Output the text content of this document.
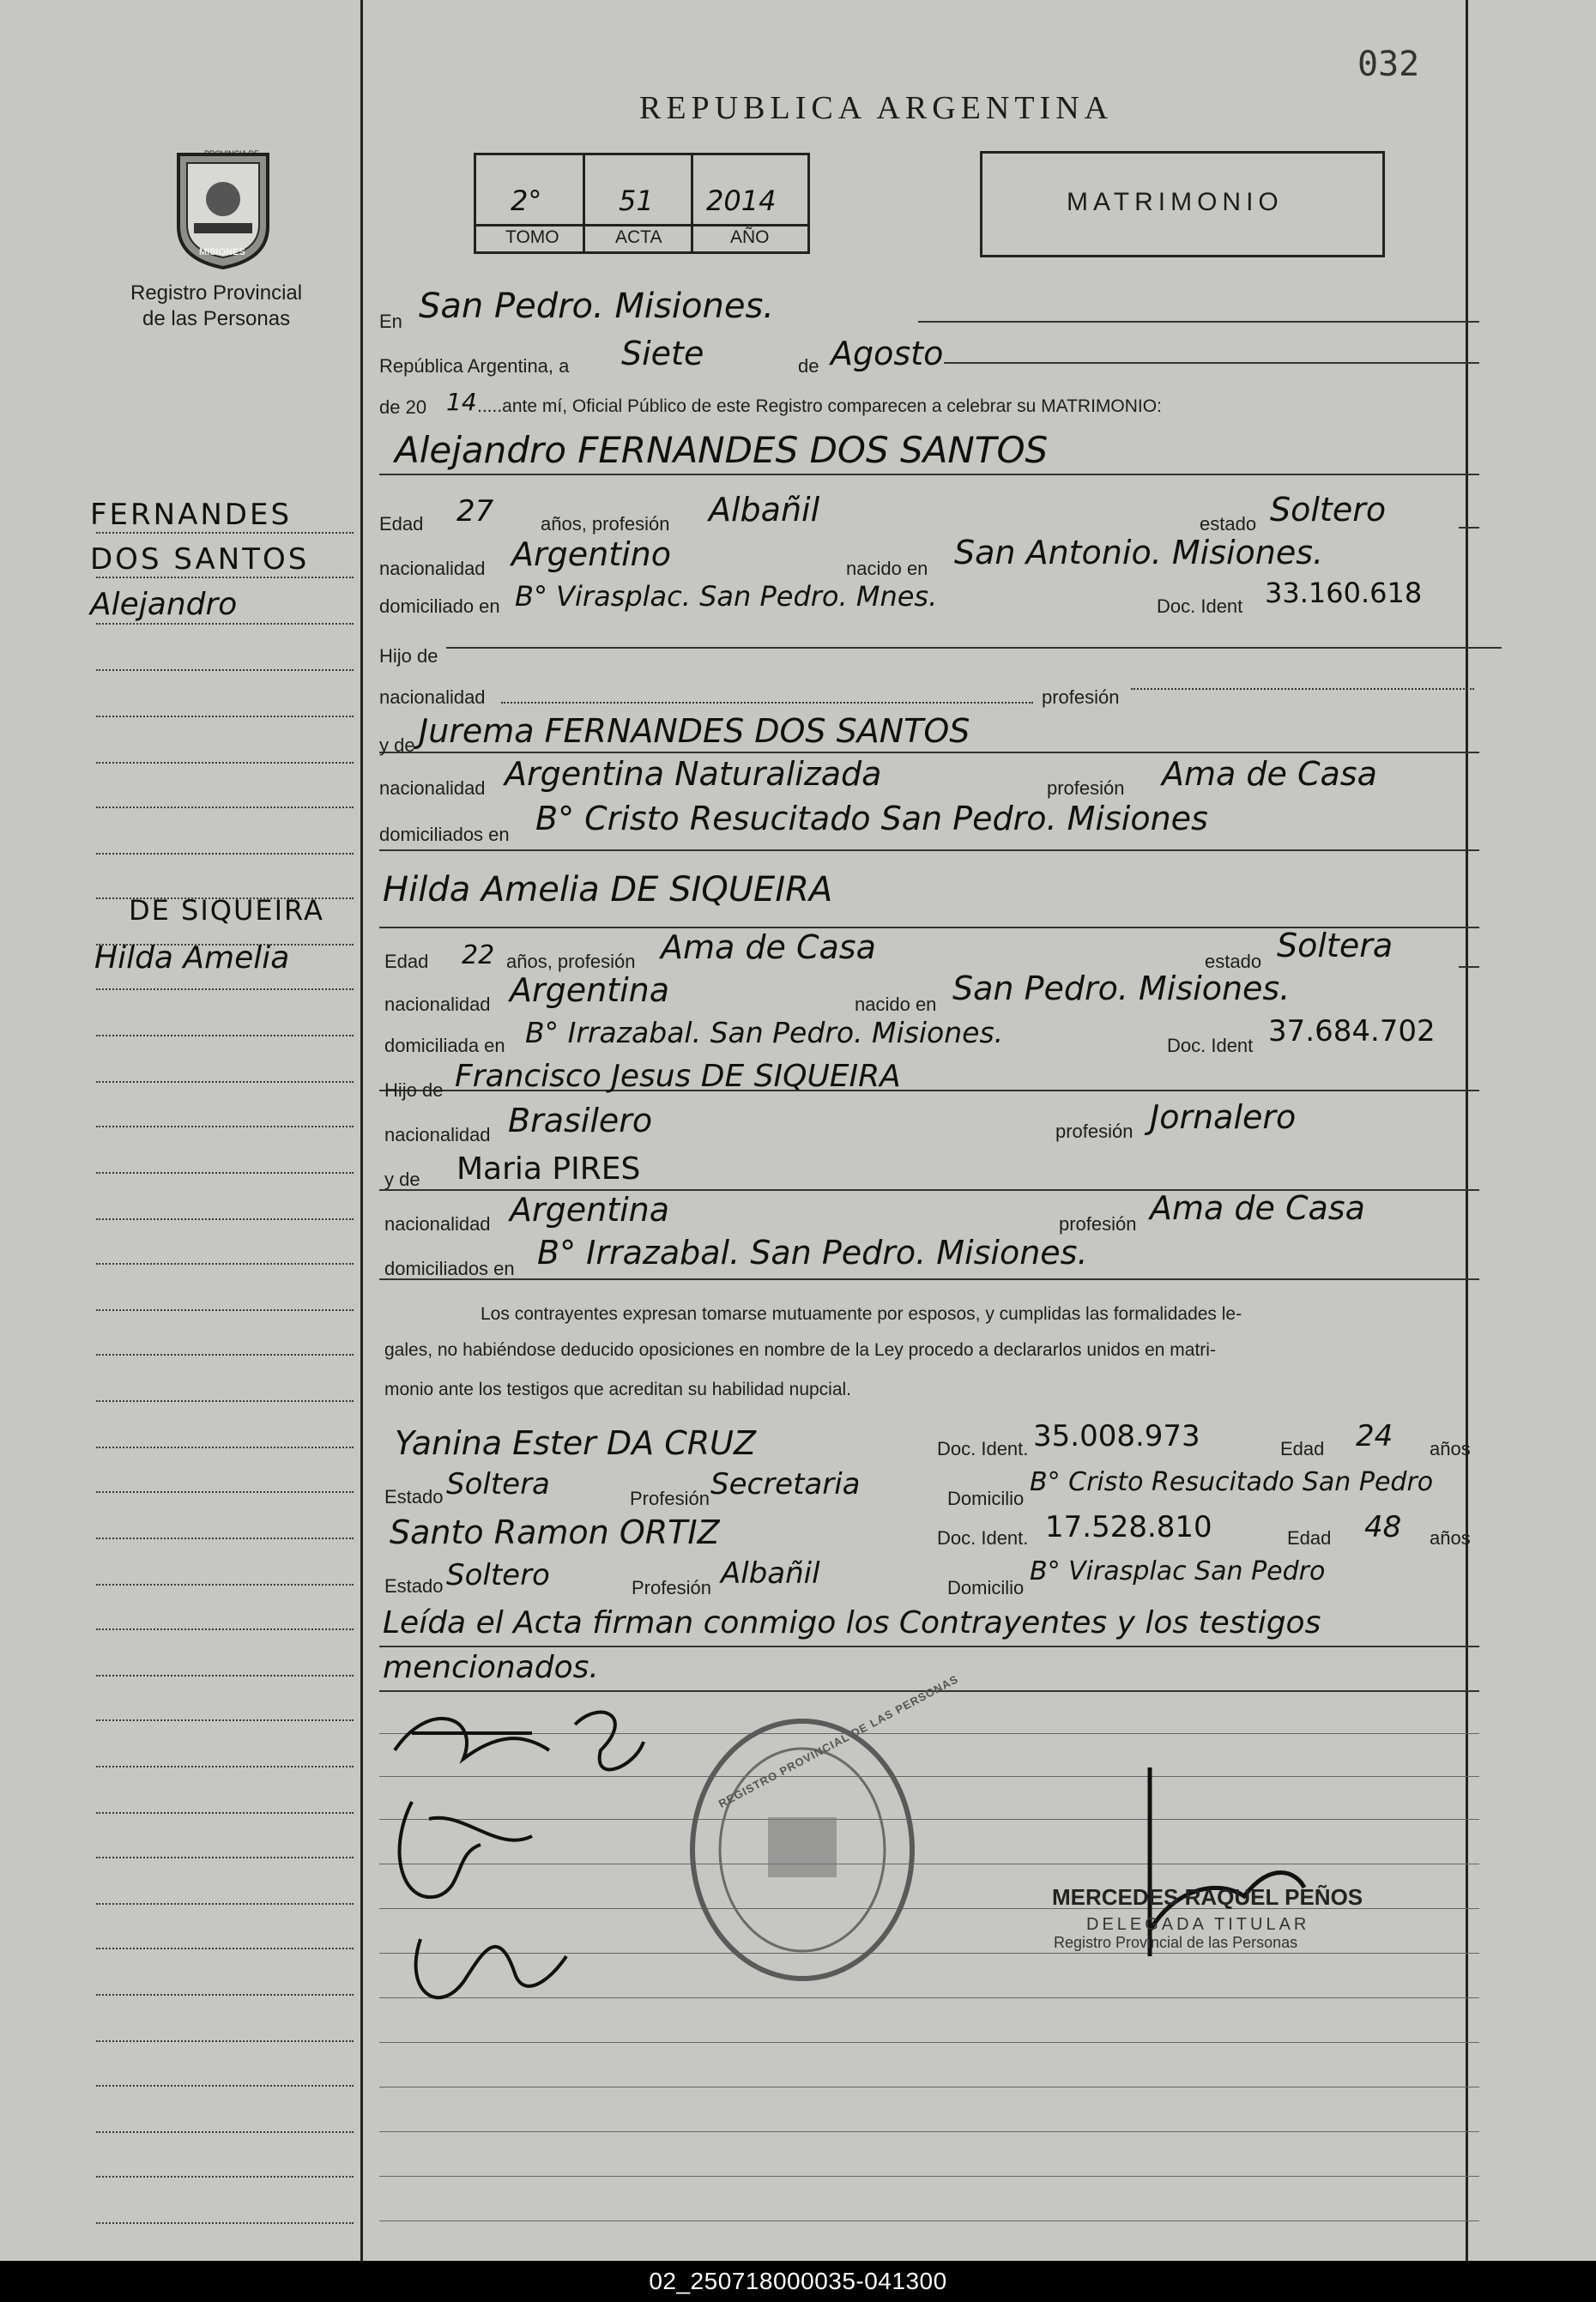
032
REPUBLICA ARGENTINA
PROVINCIA DE
MISIONES
Registro Provincial
de las Personas
2°	51 2014
TOMO	ACTA	AÑO
MATRIMONIO
FERNANDES
DOS SANTOS
Alejandro
DE SIQUEIRA
Hilda Amelia
En San Pedro. Misiones.
República Argentina, a Siete	de Agosto
de 20 14 .....ante mí, Oficial Público de este Registro comparecen a celebrar su MATRIMONIO:
Alejandro FERNANDES DOS SANTOS
Edad 27 años, profesión Albañil	estado Soltero
nacionalidad Argentino	nacido en San Antonio. Misiones.
domiciliado en B° Virasplac. San Pedro. Mnes.	Doc. Ident 33.160.618
Hijo de
nacionalidad	profesión
y de Jurema FERNANDES DOS SANTOS
nacionalidad Argentina Naturalizada	profesión Ama de Casa
domiciliados en B° Cristo Resucitado San Pedro. Misiones
Hilda Amelia DE SIQUEIRA
Edad 22 años, profesión Ama de Casa	estado Soltera
nacionalidad Argentina	nacido en San Pedro. Misiones.
domiciliada en B° Irrazabal. San Pedro. Misiones.	Doc. Ident 37.684.702
Hijo de Francisco Jesus DE SIQUEIRA
nacionalidad Brasilero	profesión Jornalero
y de Maria PIRES
nacionalidad Argentina	profesión Ama de Casa
domiciliados en B° Irrazabal. San Pedro. Misiones.
Los contrayentes expresan tomarse mutuamente por esposos, y cumplidas las formalidades le-
gales, no habiéndose deducido oposiciones en nombre de la Ley procedo a declararlos unidos en matri-
monio ante los testigos que acreditan su habilidad nupcial.
Yanina Ester DA CRUZ	Doc. Ident. 35.008.973	Edad 24 años
Estado Soltera	Profesión Secretaria	Domicilio
B° Cristo Resucitado San Pedro
Santo Ramon ORTIZ	Doc. Ident. 17.528.810	Edad 48 años
Estado Soltero	Profesión Albañil	Domicilio
B° Virasplac San Pedro
Leída el Acta firman conmigo los Contrayentes y los testigos mencionados.
REGISTRO PROVINCIAL DE LAS PERSONAS
MERCEDES RAQUEL PEÑOS
DELEGADA TITULAR
Registro Provincial de las Personas
02_250718000035-041300
